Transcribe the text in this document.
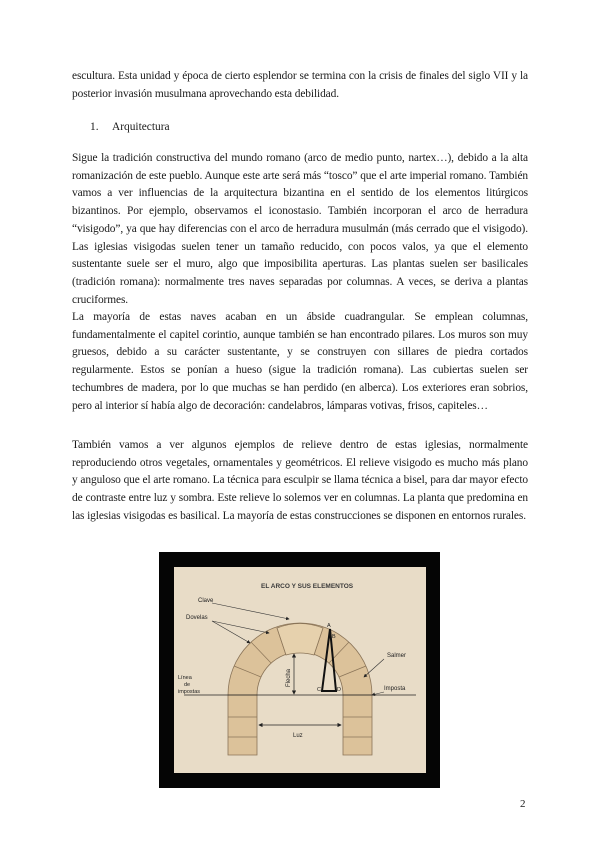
escultura. Esta unidad y época de cierto esplendor se termina con la crisis de finales del siglo VII y la posterior invasión musulmana aprovechando esta debilidad.

1. Arquitectura

Sigue la tradición constructiva del mundo romano (arco de medio punto, nartex…), debido a la alta romanización de este pueblo. Aunque este arte será más “tosco” que el arte imperial romano. También vamos a ver influencias de la arquitectura bizantina en el sentido de los elementos litúrgicos bizantinos. Por ejemplo, observamos el iconostasio. También incorporan el arco de herradura “visigodo”, ya que hay diferencias con el arco de herradura musulmán (más cerrado que el visigodo). Las iglesias visigodas suelen tener un tamaño reducido, con pocos valos, ya que el elemento sustentante suele ser el muro, algo que imposibilita aperturas. Las plantas suelen ser basilicales (tradición romana): normalmente tres naves separadas por columnas. A veces, se deriva a plantas cruciformes.

La mayoría de estas naves acaban en un ábside cuadrangular. Se emplean columnas, fundamentalmente el capitel corintio, aunque también se han encontrado pilares. Los muros son muy gruesos, debido a su carácter sustentante, y se construyen con sillares de piedra cortados regularmente. Estos se ponían a hueso (sigue la tradición romana). Las cubiertas suelen ser techumbres de madera, por lo que muchas se han perdido (en alberca). Los exteriores eran sobrios, pero al interior sí había algo de decoración: candelabros, lámparas votivas, frisos, capiteles…

También vamos a ver algunos ejemplos de relieve dentro de estas iglesias, normalmente reproduciendo otros vegetales, ornamentales y geométricos. El relieve visigodo es mucho más plano y anguloso que el arte romano. La técnica para esculpir se llama técnica a bisel, para dar mayor efecto de contraste entre luz y sombra. Este relieve lo solemos ver en columnas. La planta que predomina en las iglesias visigodas es basilical. La mayoría de estas construcciones se disponen en entornos rurales.

EL ARCO Y SUS ELEMENTOS
Clave
Dovelas
Salmer
Imposta
Línea
de
impostas
Luz
Flecha
A
B
C	D
2
